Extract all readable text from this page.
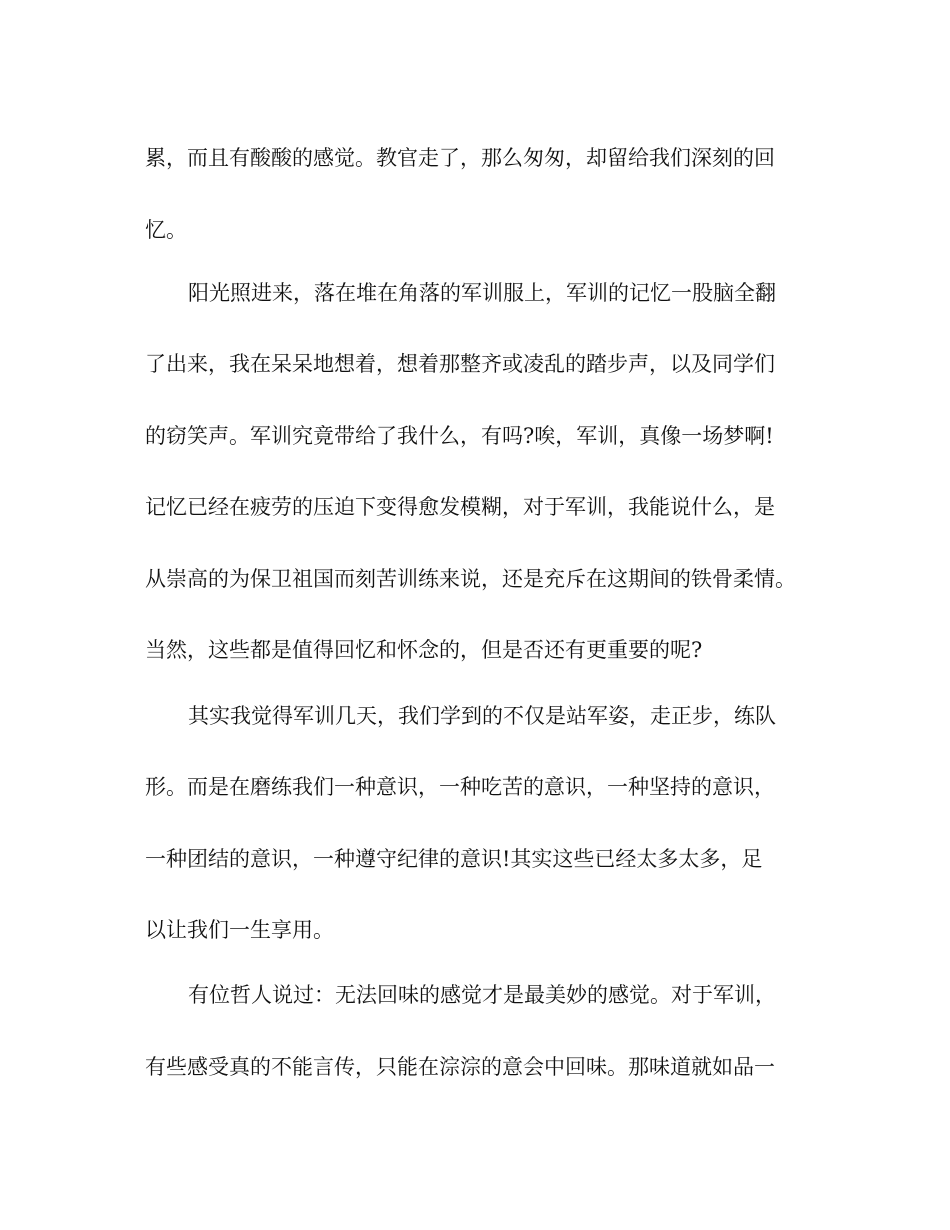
累，而且有酸酸的感觉。教官走了，那么匆匆，却留给我们深刻的回

忆。

阳光照进来，落在堆在角落的军训服上，军训的记忆一股脑全翻

了出来，我在呆呆地想着，想着那整齐或凌乱的踏步声，以及同学们

的窃笑声。军训究竟带给了我什么，有吗?唉，军训，真像一场梦啊!

记忆已经在疲劳的压迫下变得愈发模糊，对于军训，我能说什么，是

从崇高的为保卫祖国而刻苦训练来说，还是充斥在这期间的铁骨柔情。

当然，这些都是值得回忆和怀念的，但是否还有更重要的呢?

其实我觉得军训几天，我们学到的不仅是站军姿，走正步，练队

形。而是在磨练我们一种意识，一种吃苦的意识，一种坚持的意识，

一种团结的意识，一种遵守纪律的意识!其实这些已经太多太多，足

以让我们一生享用。

有位哲人说过：无法回味的感觉才是最美妙的感觉。对于军训，

有些感受真的不能言传，只能在淙淙的意会中回味。那味道就如品一
